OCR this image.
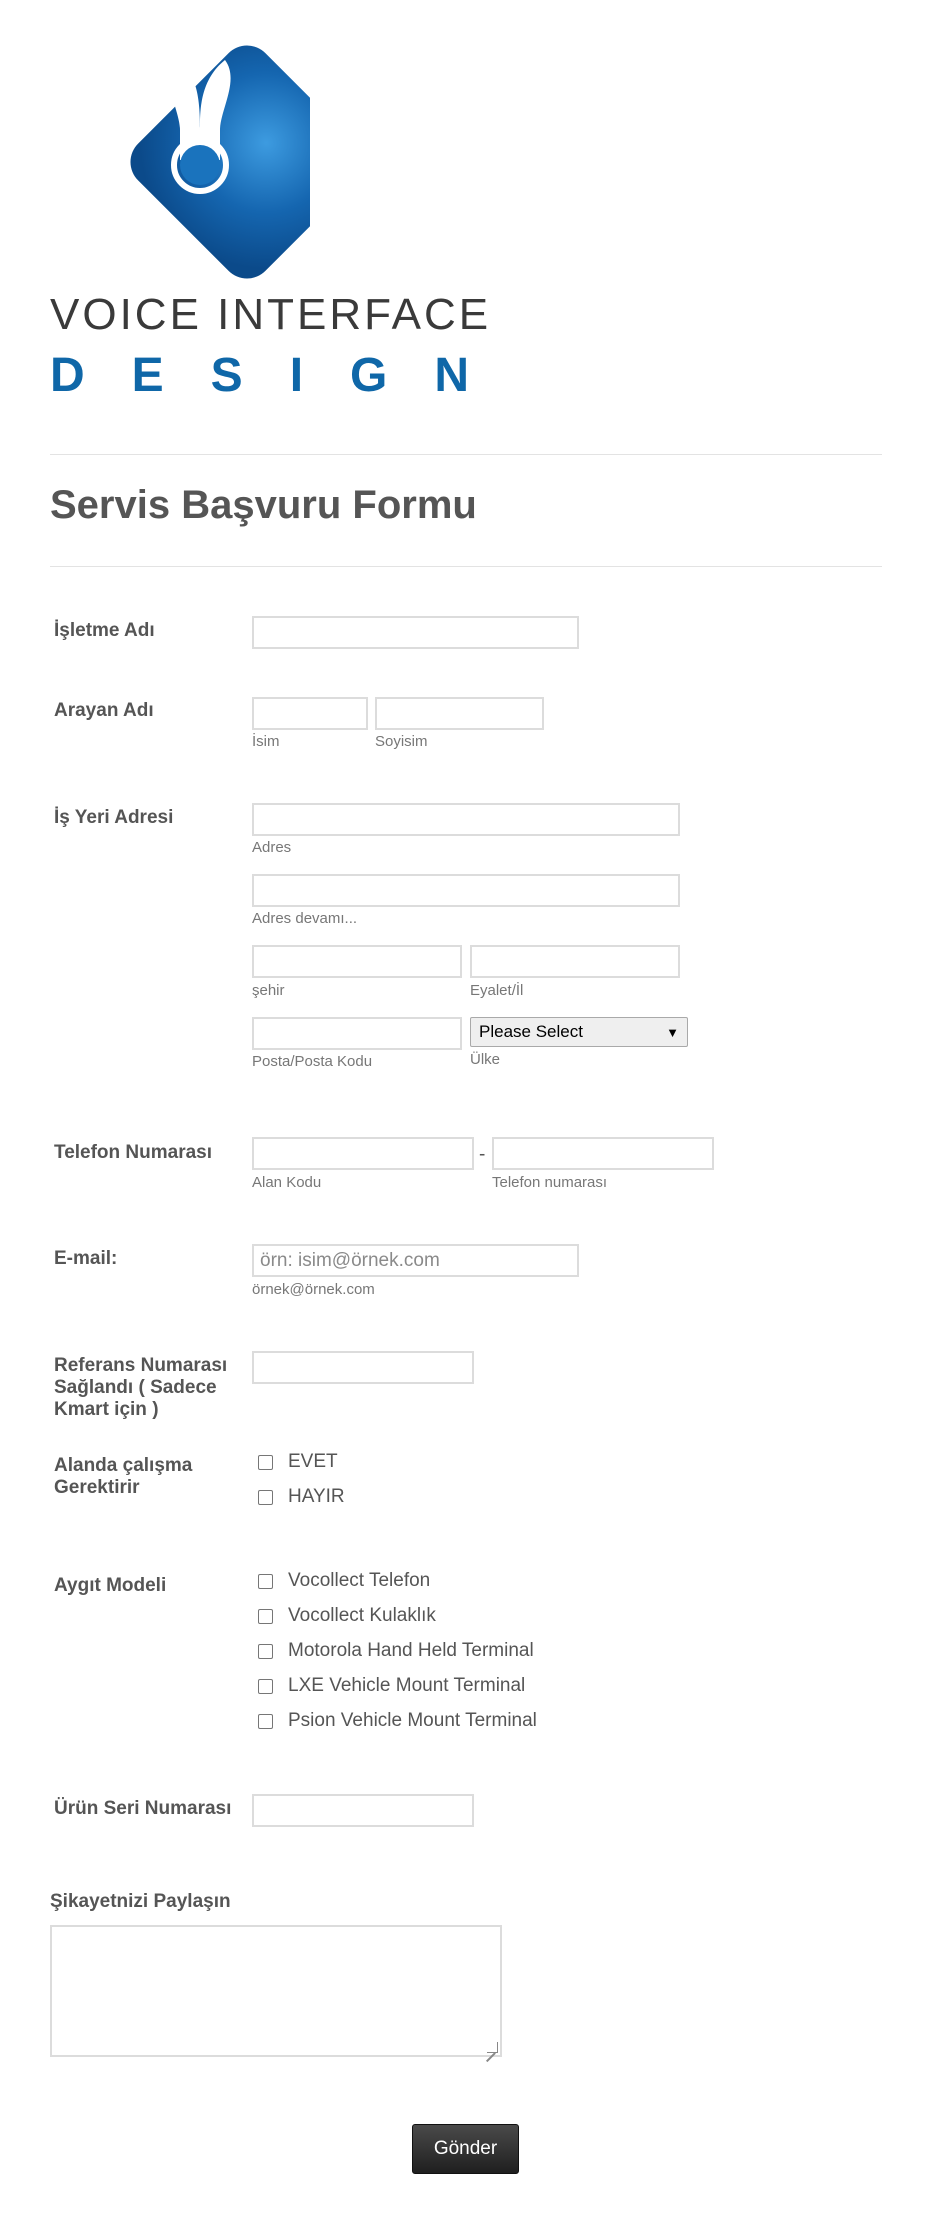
VOICE INTERFACE
DESIGN
Servis Başvuru Formu
İşletme Adı
Arayan Adı
İsim	Soyisim
İş Yeri Adresi
Adres
Adres devamı...
şehir	Eyalet/İl
Please Select	▼
Posta/Posta Kodu	Ülke
Telefon Numarası	-
Alan Kodu	Telefon numarası
E-mail:
örn: isim@örnek.com
örnek@örnek.com
Referans Numarası
Sağlandı ( Sadece
Kmart için )
Alanda çalışma
Gerektirir
EVET
HAYIR
Aygıt Modeli	Vocollect Telefon
Vocollect Kulaklık
Motorola Hand Held Terminal
LXE Vehicle Mount Terminal
Psion Vehicle Mount Terminal
Ürün Seri Numarası
Şikayetnizi Paylaşın
Gönder
